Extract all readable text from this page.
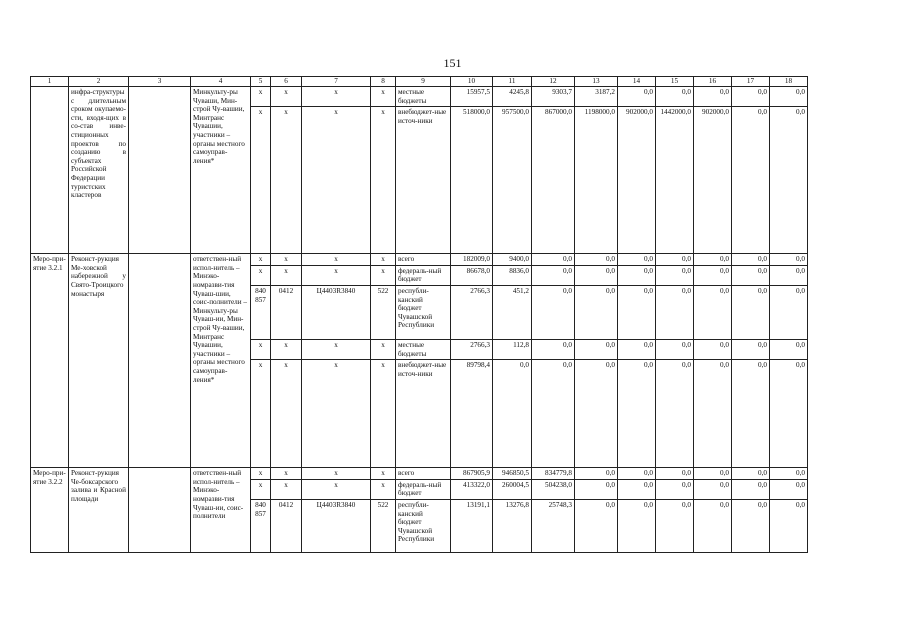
151
1	2	3	4	5	6	7	8	9	10	11	12	13	14	15	16	17	18
	инфра-структуры с длительным сроком окупаемо-сти, входя-щих в со-став инве-стиционных проектов по созданию в субъектах Российской Федерации туристских кластеров		Минкульту-ры Чуваши, Мин-строй Чу-вашии, Минтранс Чувашии, участники – органы местного самоуправ-ления*	x	x	x	x	местные бюджеты	15957,5	4245,8	9303,7	3187,2	0,0	0,0	0,0	0,0	0,0
				x	x	x	x	внебюджет-ные источ-ники	518000,0	957500,0	867000,0	1198000,0	902000,0	1442000,0	902000,0	0,0	0,0
Меро-при-ятие 3.2.1	Реконст-рукция Ме-ховской набережной у Свято-Троицкого монастыря		ответствен-ный испол-нитель – Минэко-номразви-тия Чуваш-шии, соис-полнители – Минкульту-ры Чуваш-ии, Мин-строй Чу-вашии, Минтранс Чувашии, участники – органы местного самоуправ-ления*	x	x	x	x	всего	182009,0	9400,0	0,0	0,0	0,0	0,0	0,0	0,0	0,0
				x	x	x	x	федераль-ный бюджет	86678,0	8836,0	0,0	0,0	0,0	0,0	0,0	0,0	0,0
				840 857	0412	Ц4403R3840	522	республи-канский бюджет Чувашской Республики	2766,3	451,2	0,0	0,0	0,0	0,0	0,0	0,0	0,0
				x	x	x	x	местные бюджеты	2766,3	112,8	0,0	0,0	0,0	0,0	0,0	0,0	0,0
				x	x	x	x	внебюджет-ные источ-ники	89798,4	0,0	0,0	0,0	0,0	0,0	0,0	0,0	0,0
Меро-при-ятие 3.2.2	Реконст-рукция Че-боксарского залива и Красной площади		ответствен-ный испол-нитель – Минэко-номразви-тия Чуваш-ии, соис-полнители	x	x	x	x	всего	867905,9	946850,5	834779,8	0,0	0,0	0,0	0,0	0,0	0,0
				x	x	x	x	федераль-ный бюджет	413322,0	260004,5	504238,0	0,0	0,0	0,0	0,0	0,0	0,0
				840 857	0412	Ц4403R3840	522	республи-канский бюджет Чувашской Республики	13191,1	13276,8	25748,3	0,0	0,0	0,0	0,0	0,0	0,0
